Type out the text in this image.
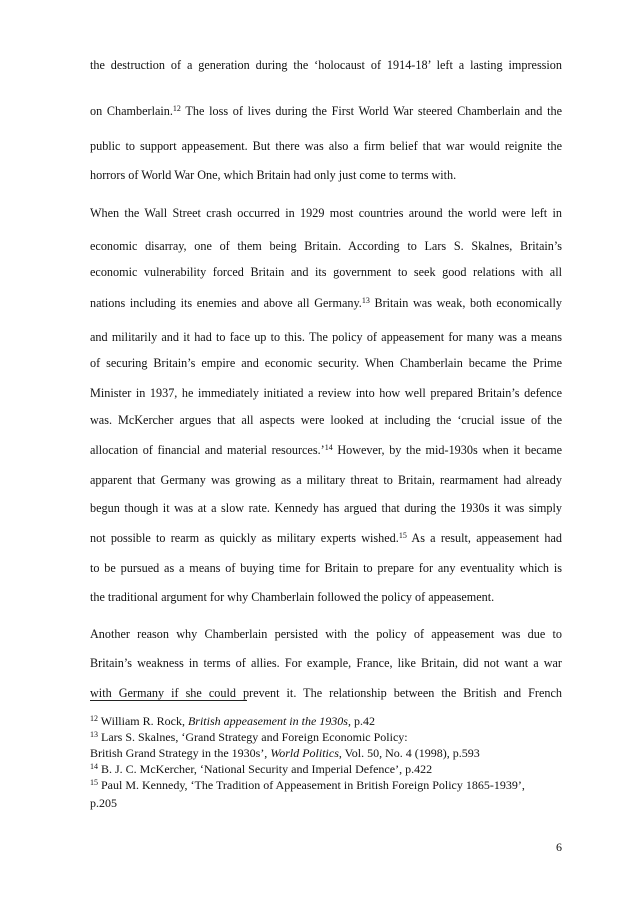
the destruction of a generation during the ‘holocaust of 1914-18’ left a lasting impression
on Chamberlain.$^{12}$ The loss of lives during the First World War steered Chamberlain and the
public to support appeasement. But there was also a firm belief that war would reignite the
horrors of World War One, which Britain had only just come to terms with.
When the Wall Street crash occurred in 1929 most countries around the world were left in
economic disarray, one of them being Britain. According to Lars S. Skalnes, Britain’s
economic vulnerability forced Britain and its government to seek good relations with all
nations including its enemies and above all Germany.$^{13}$ Britain was weak, both economically
and militarily and it had to face up to this. The policy of appeasement for many was a means
of securing Britain’s empire and economic security. When Chamberlain became the Prime
Minister in 1937, he immediately initiated a review into how well prepared Britain’s defence
was. McKercher argues that all aspects were looked at including the ‘crucial issue of the
allocation of financial and material resources.’$^{14}$ However, by the mid-1930s when it became
apparent that Germany was growing as a military threat to Britain, rearmament had already
begun though it was at a slow rate. Kennedy has argued that during the 1930s it was simply
not possible to rearm as quickly as military experts wished.$^{15}$ As a result, appeasement had
to be pursued as a means of buying time for Britain to prepare for any eventuality which is
the traditional argument for why Chamberlain followed the policy of appeasement.
Another reason why Chamberlain persisted with the policy of appeasement was due to
Britain’s weakness in terms of allies. For example, France, like Britain, did not want a war
with Germany if she could prevent it. The relationship between the British and French
$^{12}$ William R. Rock, British appeasement in the 1930s, p.42
$^{13}$ Lars S. Skalnes, ‘Grand Strategy and Foreign Economic Policy:
British Grand Strategy in the 1930s’, World Politics, Vol. 50, No. 4 (1998), p.593
$^{14}$ B. J. C. McKercher, ‘National Security and Imperial Defence’, p.422
$^{15}$ Paul M. Kennedy, ‘The Tradition of Appeasement in British Foreign Policy 1865-1939’,
p.205
6
